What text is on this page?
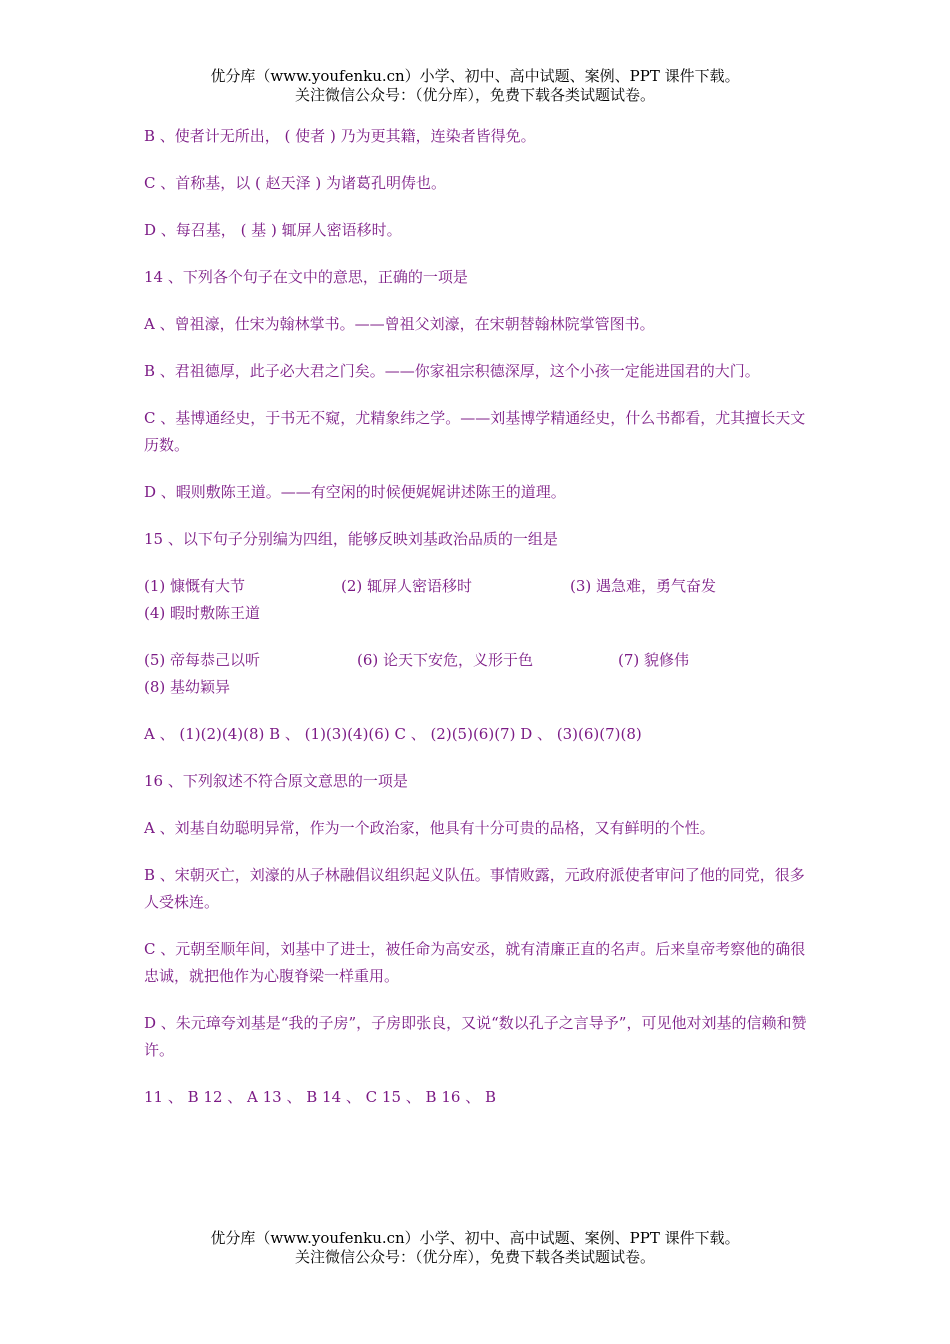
优分库（www.youfenku.cn）小学、初中、高中试题、案例、PPT 课件下载。
关注微信公众号：（优分库），免费下载各类试题试卷。

B 、使者计无所出， ( 使者 ) 乃为更其籍，连染者皆得免。

C 、首称基，以 ( 赵天泽 ) 为诸葛孔明俦也。

D 、每召基， ( 基 ) 辄屏人密语移时。

14 、下列各个句子在文中的意思，正确的一项是

A 、曾祖濠，仕宋为翰林掌书。——曾祖父刘濠，在宋朝替翰林院掌管图书。

B 、君祖德厚，此子必大君之门矣。——你家祖宗积德深厚，这个小孩一定能进国君的大门。

C 、基博通经史，于书无不窥，尤精象纬之学。——刘基博学精通经史，什么书都看，尤其擅长天文历数。

D 、暇则敷陈王道。——有空闲的时候便娓娓讲述陈王的道理。

15 、以下句子分别编为四组，能够反映刘基政治品质的一组是

(1) 慷慨有大节	(2) 辄屏人密语移时	(3) 遇急难，勇气奋发
(4) 暇时敷陈王道
(5) 帝每恭己以听	(6) 论天下安危，义形于色	(7) 貌修伟
(8) 基幼颖异

A 、 (1)(2)(4)(8) B 、 (1)(3)(4)(6) C 、 (2)(5)(6)(7) D 、 (3)(6)(7)(8)

16 、下列叙述不符合原文意思的一项是

A 、刘基自幼聪明异常，作为一个政治家，他具有十分可贵的品格，又有鲜明的个性。

B 、宋朝灭亡，刘濠的从子林融倡议组织起义队伍。事情败露，元政府派使者审问了他的同党，很多人受株连。

C 、元朝至顺年间，刘基中了进士，被任命为高安丞，就有清廉正直的名声。后来皇帝考察他的确很忠诚，就把他作为心腹脊梁一样重用。

D 、朱元璋夸刘基是“我的子房”，子房即张良，又说“数以孔子之言导予”，可见他对刘基的信赖和赞许。

11 、 B 12 、 A 13 、 B 14 、 C 15 、 B 16 、 B

优分库（www.youfenku.cn）小学、初中、高中试题、案例、PPT 课件下载。
关注微信公众号：（优分库），免费下载各类试题试卷。
